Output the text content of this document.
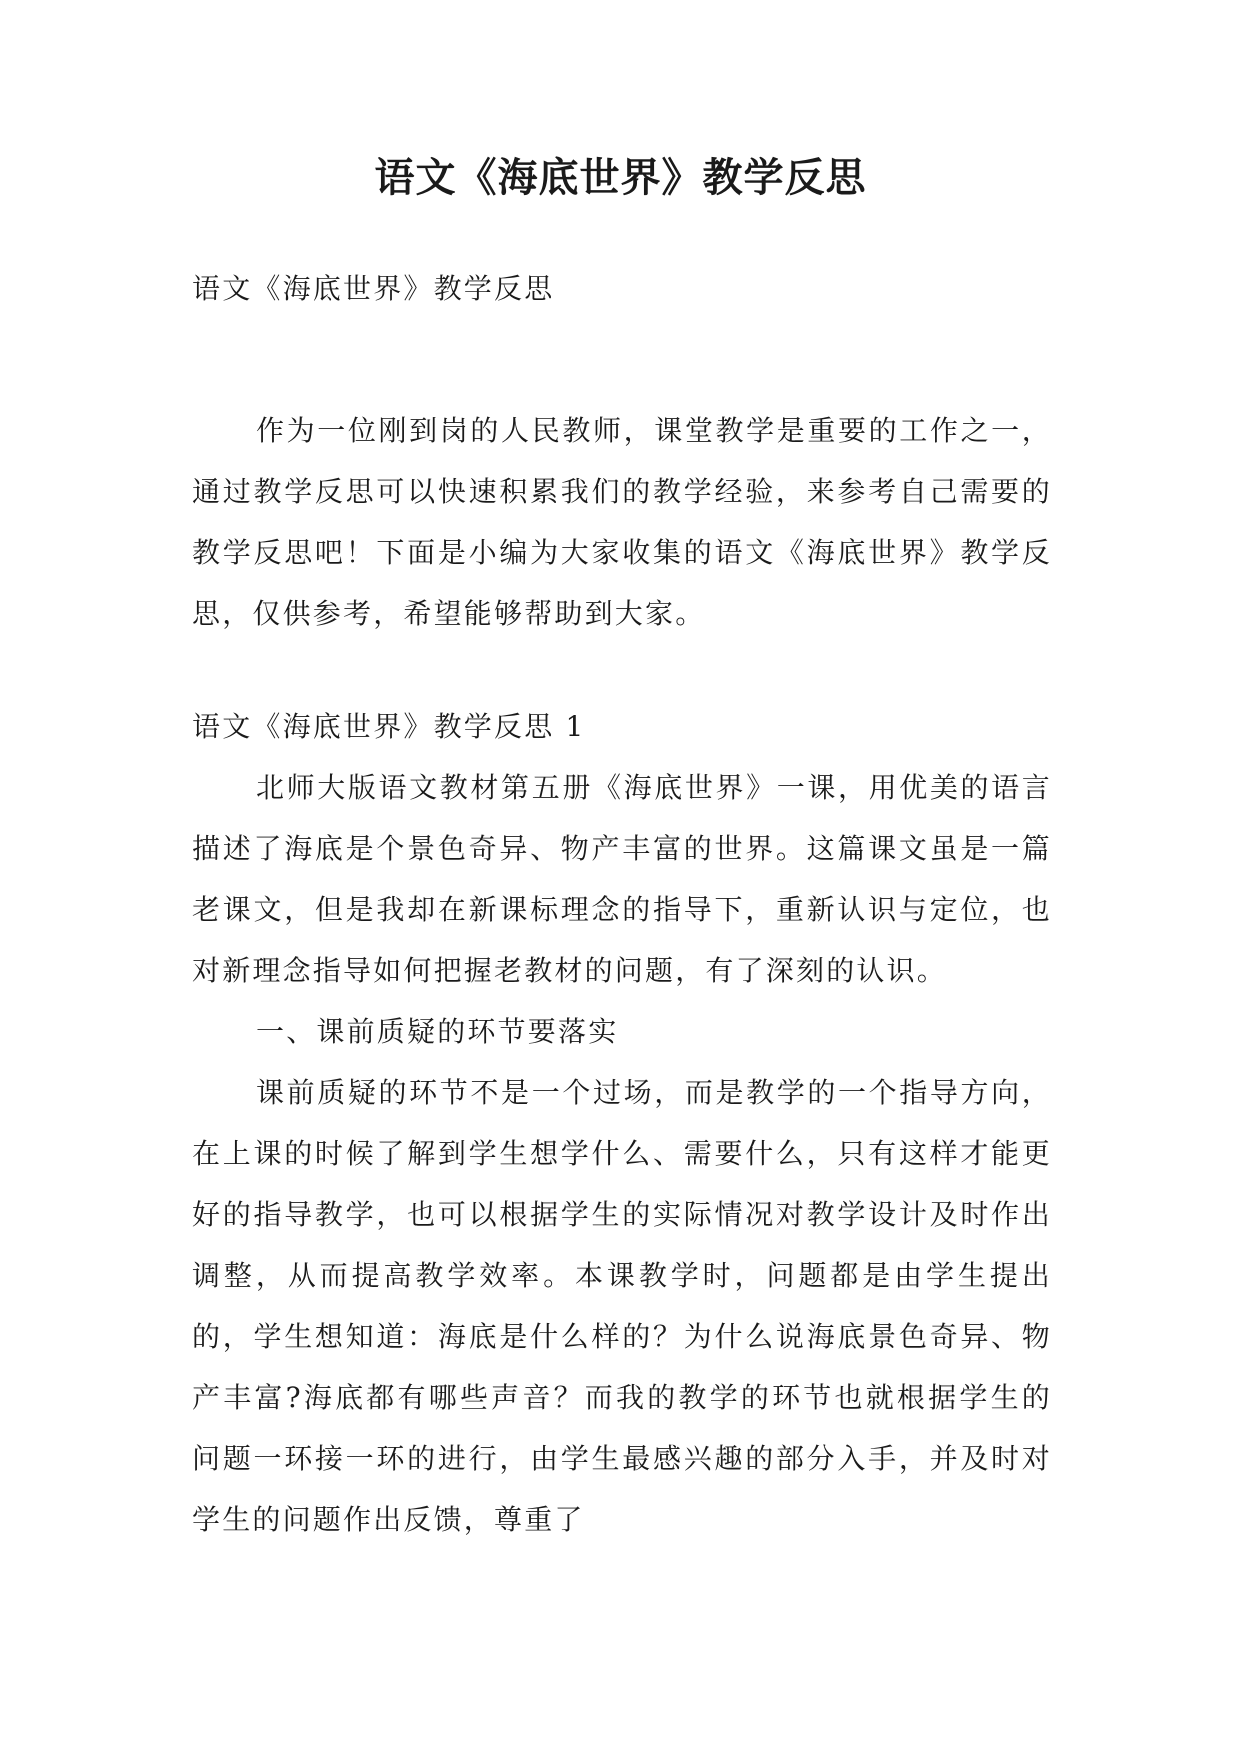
语文《海底世界》教学反思

语文《海底世界》教学反思

作为一位刚到岗的人民教师，课堂教学是重要的工作之一，通过教学反思可以快速积累我们的教学经验，来参考自己需要的教学反思吧！下面是小编为大家收集的语文《海底世界》教学反思，仅供参考，希望能够帮助到大家。

语文《海底世界》教学反思 1

北师大版语文教材第五册《海底世界》一课，用优美的语言描述了海底是个景色奇异、物产丰富的世界。这篇课文虽是一篇老课文，但是我却在新课标理念的指导下，重新认识与定位，也对新理念指导如何把握老教材的问题，有了深刻的认识。

一、课前质疑的环节要落实

课前质疑的环节不是一个过场，而是教学的一个指导方向，在上课的时候了解到学生想学什么、需要什么，只有这样才能更好的指导教学，也可以根据学生的实际情况对教学设计及时作出调整，从而提高教学效率。本课教学时，问题都是由学生提出的，学生想知道：海底是什么样的？为什么说海底景色奇异、物产丰富?海底都有哪些声音？而我的教学的环节也就根据学生的问题一环接一环的进行，由学生最感兴趣的部分入手，并及时对学生的问题作出反馈，尊重了
